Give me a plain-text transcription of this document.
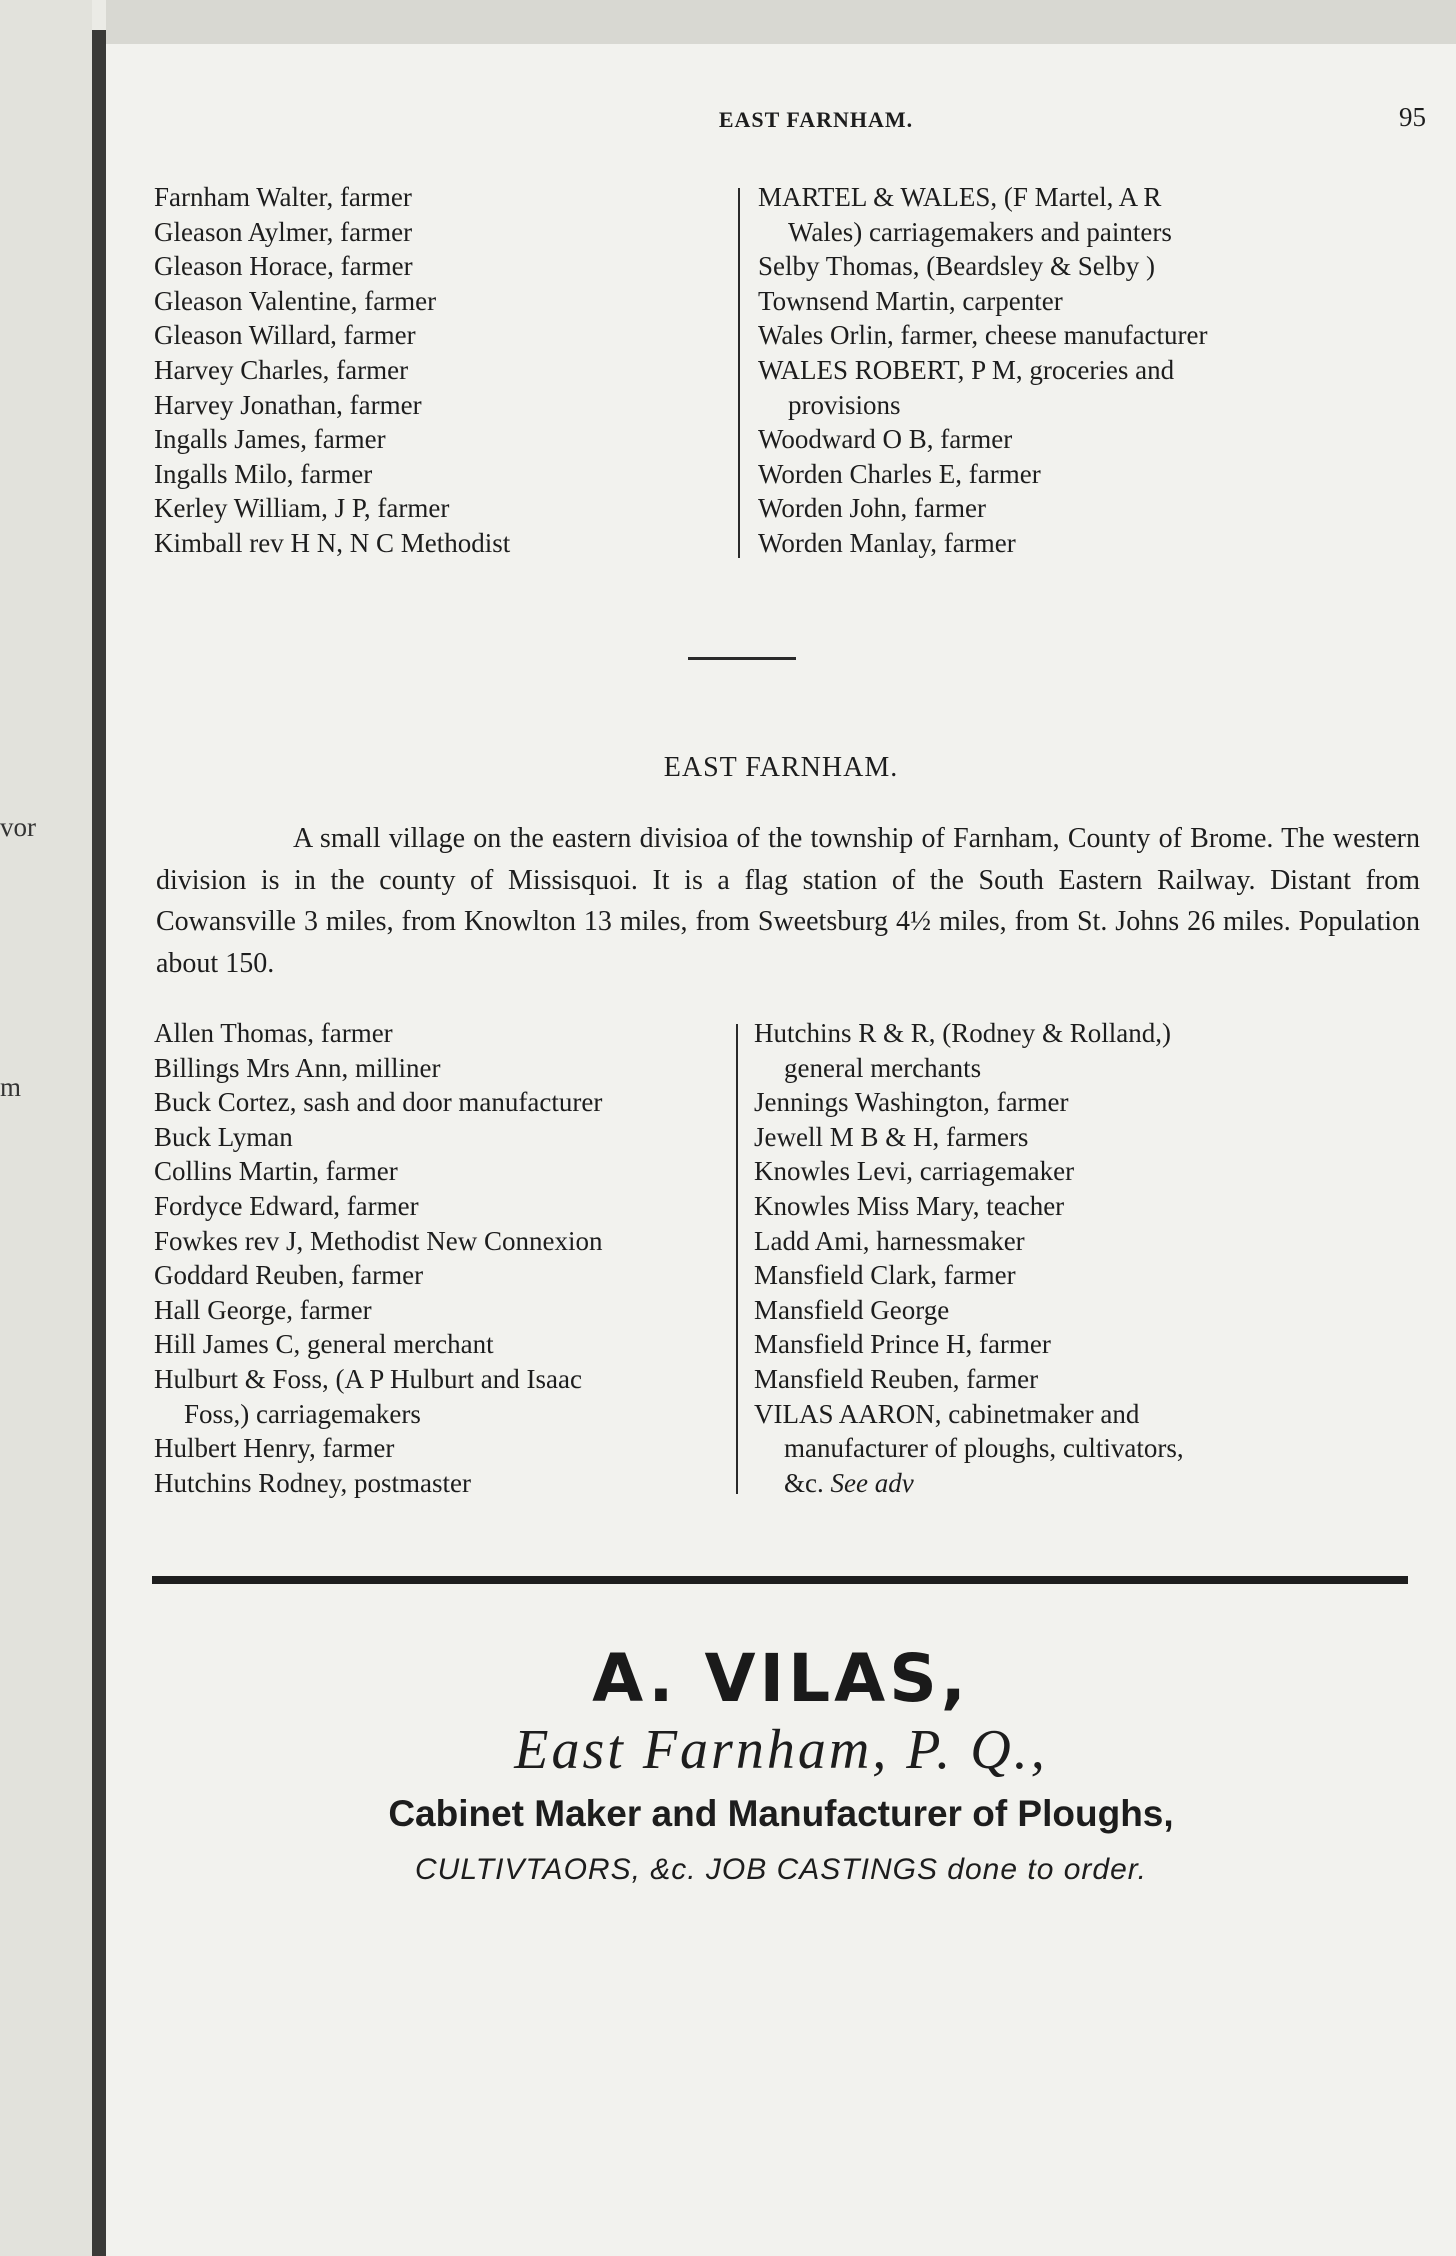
vor
m
EAST FARNHAM.	95
Farnham Walter, farmer
Gleason Aylmer, farmer
Gleason Horace, farmer
Gleason Valentine, farmer
Gleason Willard, farmer
Harvey Charles, farmer
Harvey Jonathan, farmer
Ingalls James, farmer
Ingalls Milo, farmer
Kerley William, J P, farmer
Kimball rev H N, N C Methodist
MARTEL & WALES, (F Martel, A R
Wales) carriagemakers and painters
Selby Thomas, (Beardsley & Selby )
Townsend Martin, carpenter
Wales Orlin, farmer, cheese manufacturer
WALES ROBERT, P M, groceries and
provisions
Woodward O B, farmer
Worden Charles E, farmer
Worden John, farmer
Worden Manlay, farmer
EAST FARNHAM.
A small village on the eastern divisioa of the township of Farnham, County of Brome. The western division is in the county of Missisquoi. It is a flag station of the South Eastern Railway. Distant from Cowansville 3 miles, from Knowlton 13 miles, from Sweetsburg 4½ miles, from St. Johns 26 miles. Population about 150.
Allen Thomas, farmer
Billings Mrs Ann, milliner
Buck Cortez, sash and door manufacturer
Buck Lyman
Collins Martin, farmer
Fordyce Edward, farmer
Fowkes rev J, Methodist New Connexion
Goddard Reuben, farmer
Hall George, farmer
Hill James C, general merchant
Hulburt & Foss, (A P Hulburt and Isaac
Foss,) carriagemakers
Hulbert Henry, farmer
Hutchins Rodney, postmaster
Hutchins R & R, (Rodney & Rolland,)
general merchants
Jennings Washington, farmer
Jewell M B & H, farmers
Knowles Levi, carriagemaker
Knowles Miss Mary, teacher
Ladd Ami, harnessmaker
Mansfield Clark, farmer
Mansfield George
Mansfield Prince H, farmer
Mansfield Reuben, farmer
VILAS AARON, cabinetmaker and
manufacturer of ploughs, cultivators,
&c. See adv
A. VILAS,
East Farnham, P. Q.,
Cabinet Maker and Manufacturer of Ploughs,
CULTIVTAORS, &c. JOB CASTINGS done to order.
